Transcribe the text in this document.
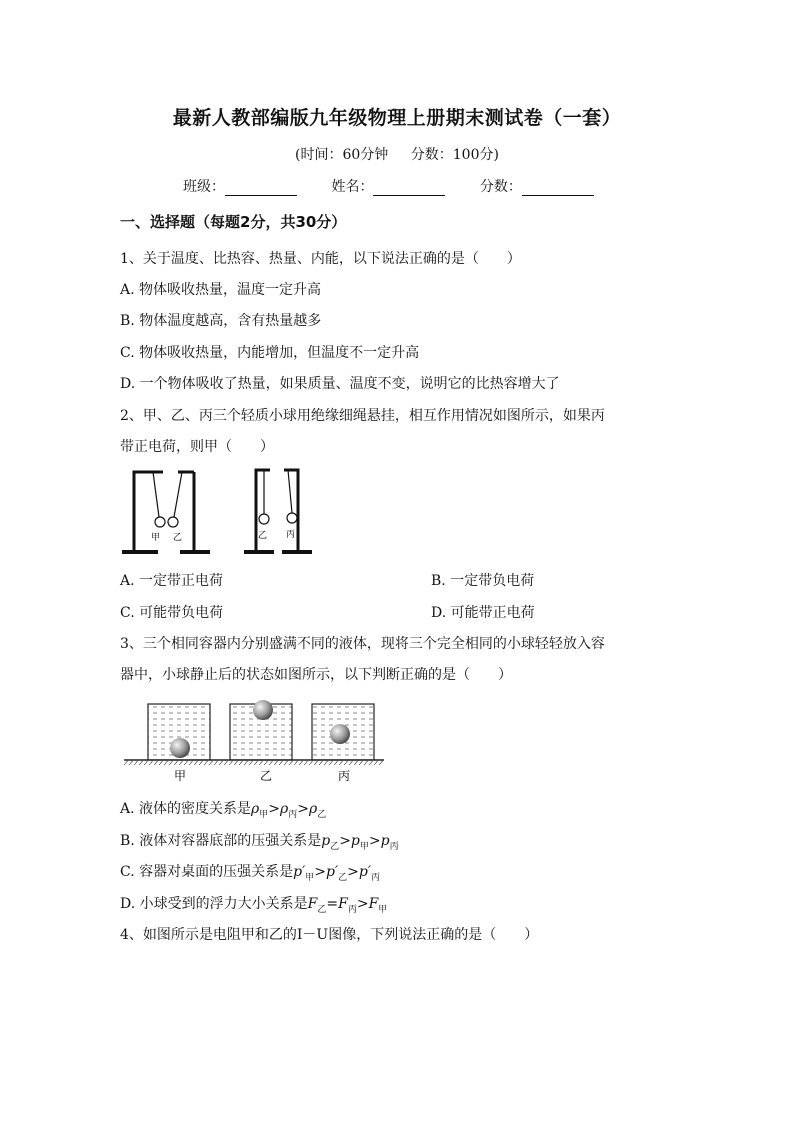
最新人教部编版九年级物理上册期末测试卷（一套）
(时间：60分钟 分数：100分)
班级：	姓名：	分数：
一、选择题（每题2分，共30分）
1、关于温度、比热容、热量、内能，以下说法正确的是（　　）
A. 物体吸收热量，温度一定升高
B. 物体温度越高，含有热量越多
C. 物体吸收热量，内能增加，但温度不一定升高
D. 一个物体吸收了热量，如果质量、温度不变，说明它的比热容增大了
2、甲、乙、丙三个轻质小球用绝缘细绳悬挂，相互作用情况如图所示，如果丙
带正电荷，则甲（　　）
甲 乙	乙 丙
A. 一定带正电荷	B. 一定带负电荷
C. 可能带负电荷	D. 可能带正电荷
3、三个相同容器内分别盛满不同的液体，现将三个完全相同的小球轻轻放入容
器中，小球静止后的状态如图所示，以下判断正确的是（　　）
甲	乙	丙
A. 液体的密度关系是$\rho_甲>\rho_丙>\rho_乙$
B. 液体对容器底部的压强关系是$p_乙>p_甲>p_丙$
C. 容器对桌面的压强关系是$p'_甲>p'_乙>p'_丙$
D. 小球受到的浮力大小关系是$F_乙=F_丙>F_甲$
4、如图所示是电阻甲和乙的I－U图像，下列说法正确的是（　　）
